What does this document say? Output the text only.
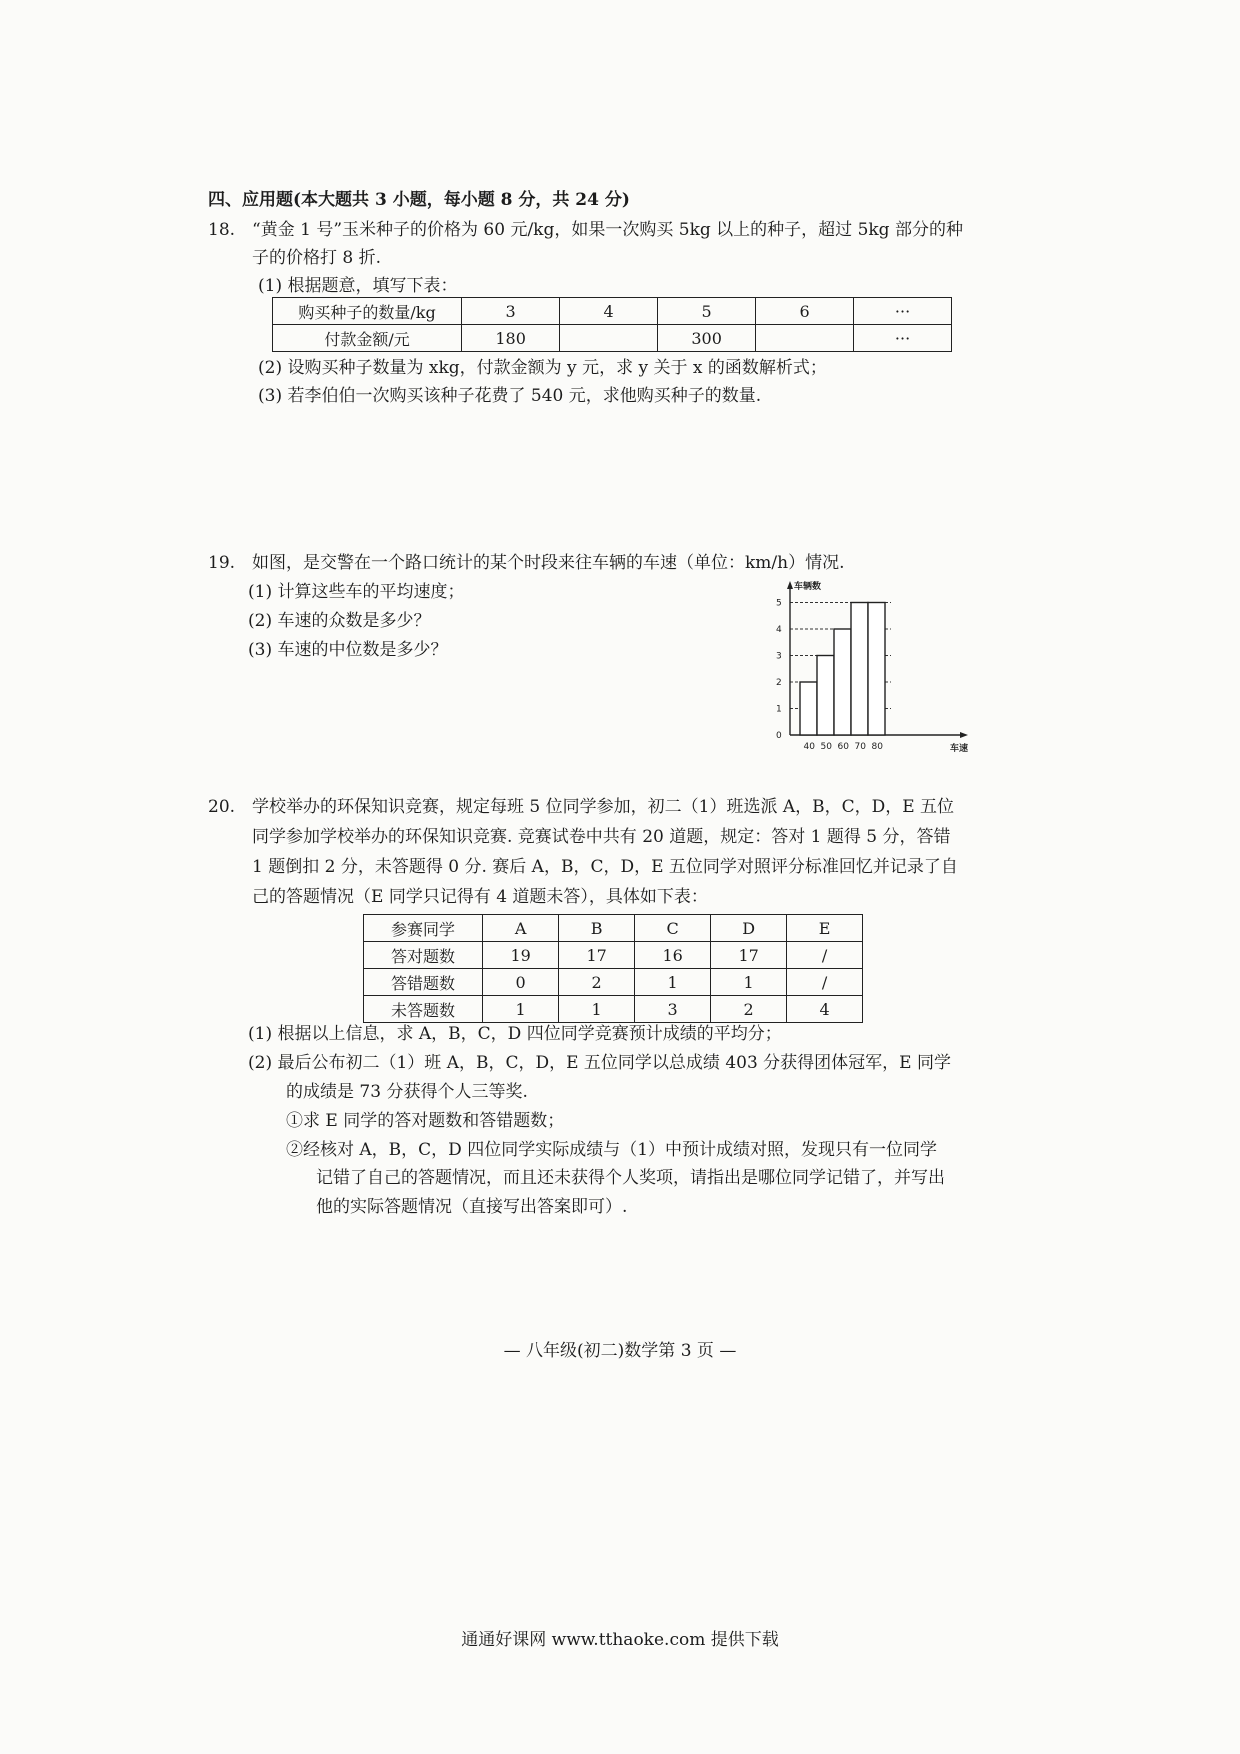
四、应用题(本大题共 3 小题，每小题 8 分，共 24 分)
18. “黄金 1 号”玉米种子的价格为 60 元/kg，如果一次购买 5kg 以上的种子，超过 5kg 部分的种
子的价格打 8 折.
(1) 根据题意，填写下表：
购买种子的数量/kg	3	4	5	6	···
付款金额/元	180		300		···
(2) 设购买种子数量为 xkg，付款金额为 y 元，求 y 关于 x 的函数解析式；
(3) 若李伯伯一次购买该种子花费了 540 元，求他购买种子的数量.
19. 如图，是交警在一个路口统计的某个时段来往车辆的车速（单位：km/h）情况.
(1) 计算这些车的平均速度；
(2) 车速的众数是多少？
(3) 车速的中位数是多少？
0
1
2
3
4
5
40 50 60 70 80
车辆数
车速
20. 学校举办的环保知识竞赛，规定每班 5 位同学参加，初二（1）班选派 A，B，C，D，E 五位
同学参加学校举办的环保知识竞赛. 竞赛试卷中共有 20 道题，规定：答对 1 题得 5 分，答错
1 题倒扣 2 分，未答题得 0 分. 赛后 A，B，C，D，E 五位同学对照评分标准回忆并记录了自
己的答题情况（E 同学只记得有 4 道题未答），具体如下表：
参赛同学	A	B	C	D	E
答对题数	19	17	16	17	/
答错题数	0	2	1	1	/
未答题数	1	1	3	2	4
(1) 根据以上信息，求 A，B，C，D 四位同学竞赛预计成绩的平均分；
(2) 最后公布初二（1）班 A，B，C，D，E 五位同学以总成绩 403 分获得团体冠军，E 同学
的成绩是 73 分获得个人三等奖.
①求 E 同学的答对题数和答错题数；
②经核对 A，B，C，D 四位同学实际成绩与（1）中预计成绩对照，发现只有一位同学
记错了自己的答题情况，而且还未获得个人奖项，请指出是哪位同学记错了，并写出
他的实际答题情况（直接写出答案即可）.
— 八年级(初二)数学第 3 页 —
通通好课网 www.tthaoke.com 提供下载
